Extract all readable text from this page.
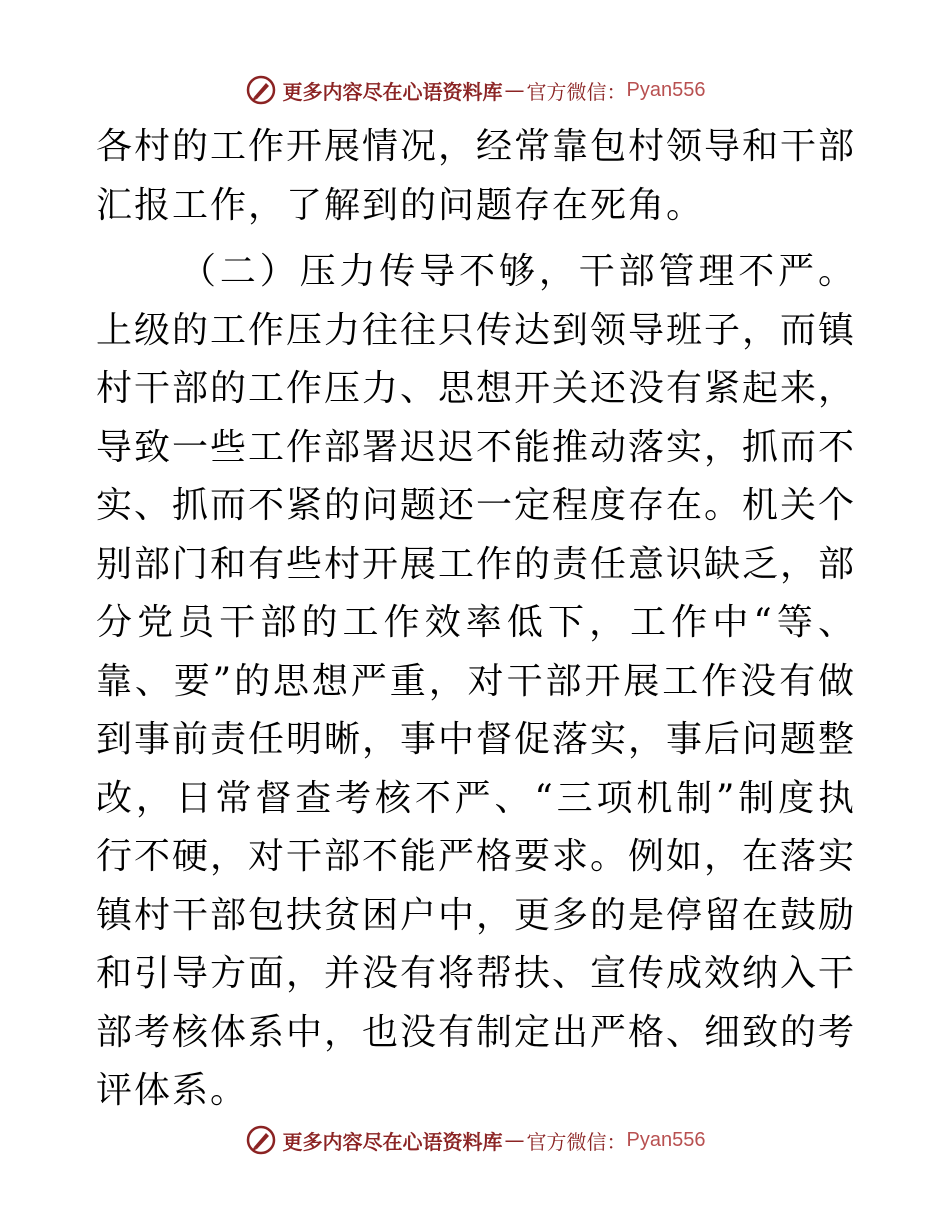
更多内容尽在心语资料库 — 官方微信： Pyan556

各村的工作开展情况，经常靠包村领导和干部汇报工作，了解到的问题存在死角。

（二）压力传导不够，干部管理不严。上级的工作压力往往只传达到领导班子，而镇村干部的工作压力、思想开关还没有紧起来，导致一些工作部署迟迟不能推动落实，抓而不实、抓而不紧的问题还一定程度存在。机关个别部门和有些村开展工作的责任意识缺乏，部分党员干部的工作效率低下，工作中“等、靠、要”的思想严重，对干部开展工作没有做到事前责任明晰，事中督促落实，事后问题整改，日常督查考核不严、“三项机制”制度执行不硬，对干部不能严格要求。例如，在落实镇村干部包扶贫困户中，更多的是停留在鼓励和引导方面，并没有将帮扶、宣传成效纳入干部考核体系中，也没有制定出严格、细致的考评体系。

更多内容尽在心语资料库 — 官方微信： Pyan556
